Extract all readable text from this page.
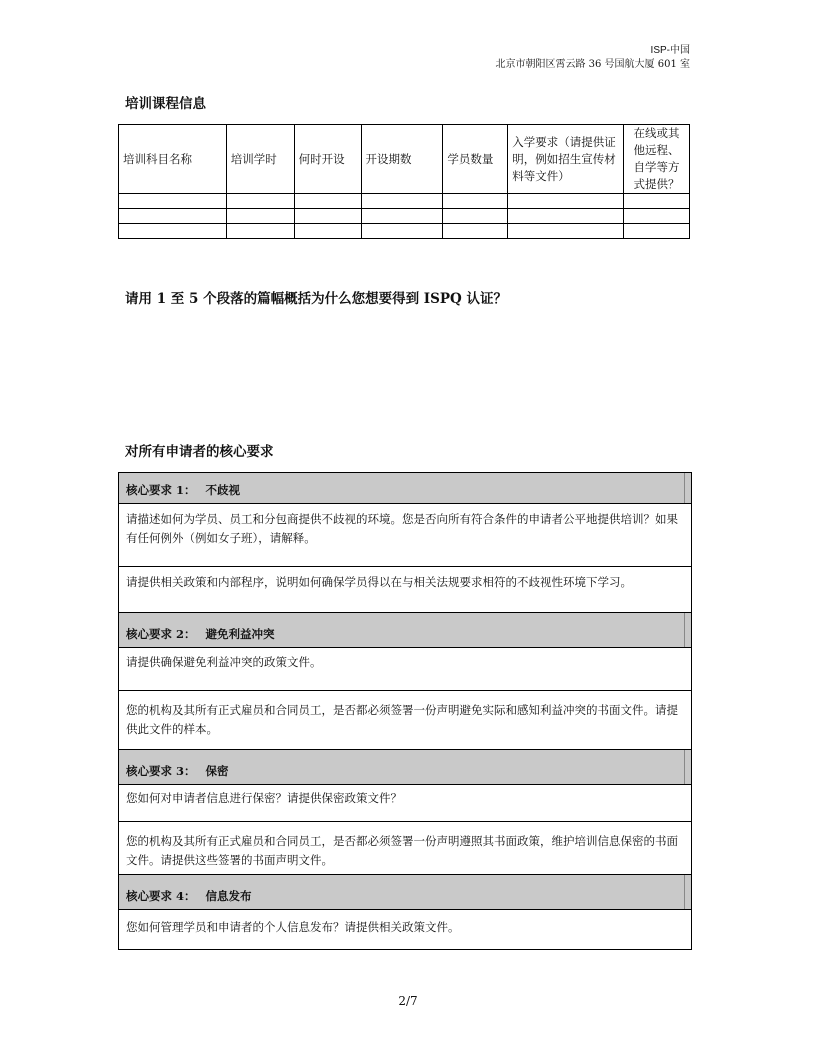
ISP-中国
北京市朝阳区霄云路 36 号国航大厦 601 室
培训课程信息
培训科目名称	培训学时	何时开设	开设期数	学员数量	入学要求（请提供证明，例如招生宣传材料等文件）	在线或其他远程、自学等方式提供？

请用 1 至 5 个段落的篇幅概括为什么您想要得到 ISPQ 认证？
对所有申请者的核心要求
核心要求 1： 不歧视
请描述如何为学员、员工和分包商提供不歧视的环境。您是否向所有符合条件的申请者公平地提供培训？如果有任何例外（例如女子班），请解释。
请提供相关政策和内部程序，说明如何确保学员得以在与相关法规要求相符的不歧视性环境下学习。
核心要求 2： 避免利益冲突
请提供确保避免利益冲突的政策文件。
您的机构及其所有正式雇员和合同员工，是否都必须签署一份声明避免实际和感知利益冲突的书面文件。请提供此文件的样本。
核心要求 3： 保密
您如何对申请者信息进行保密？请提供保密政策文件？
您的机构及其所有正式雇员和合同员工，是否都必须签署一份声明遵照其书面政策，维护培训信息保密的书面文件。请提供这些签署的书面声明文件。
核心要求 4： 信息发布
您如何管理学员和申请者的个人信息发布？请提供相关政策文件。
2/7
